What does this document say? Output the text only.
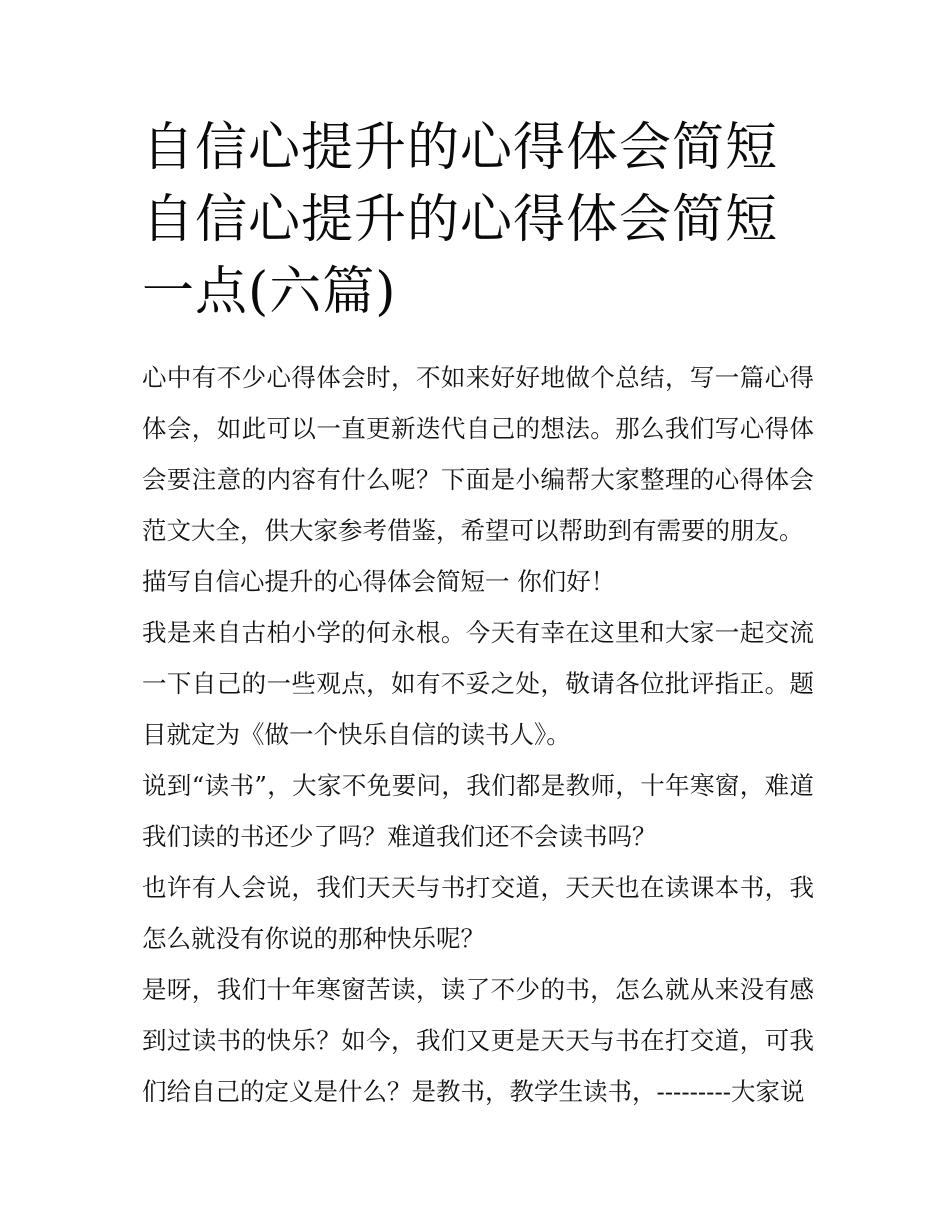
自信心提升的心得体会简短 自信心提升的心得体会简短一点(六篇)

心中有不少心得体会时，不如来好好地做个总结，写一篇心得体会，如此可以一直更新迭代自己的想法。那么我们写心得体会要注意的内容有什么呢？下面是小编帮大家整理的心得体会范文大全，供大家参考借鉴，希望可以帮助到有需要的朋友。

描写自信心提升的心得体会简短一 你们好！

我是来自古柏小学的何永根。今天有幸在这里和大家一起交流一下自己的一些观点，如有不妥之处，敬请各位批评指正。题目就定为《做一个快乐自信的读书人》。

说到“读书”，大家不免要问，我们都是教师，十年寒窗，难道我们读的书还少了吗？难道我们还不会读书吗？

也许有人会说，我们天天与书打交道，天天也在读课本书，我怎么就没有你说的那种快乐呢？

是呀，我们十年寒窗苦读，读了不少的书，怎么就从来没有感到过读书的快乐？如今，我们又更是天天与书在打交道，可我们给自己的定义是什么？是教书，教学生读书，---------大家说
